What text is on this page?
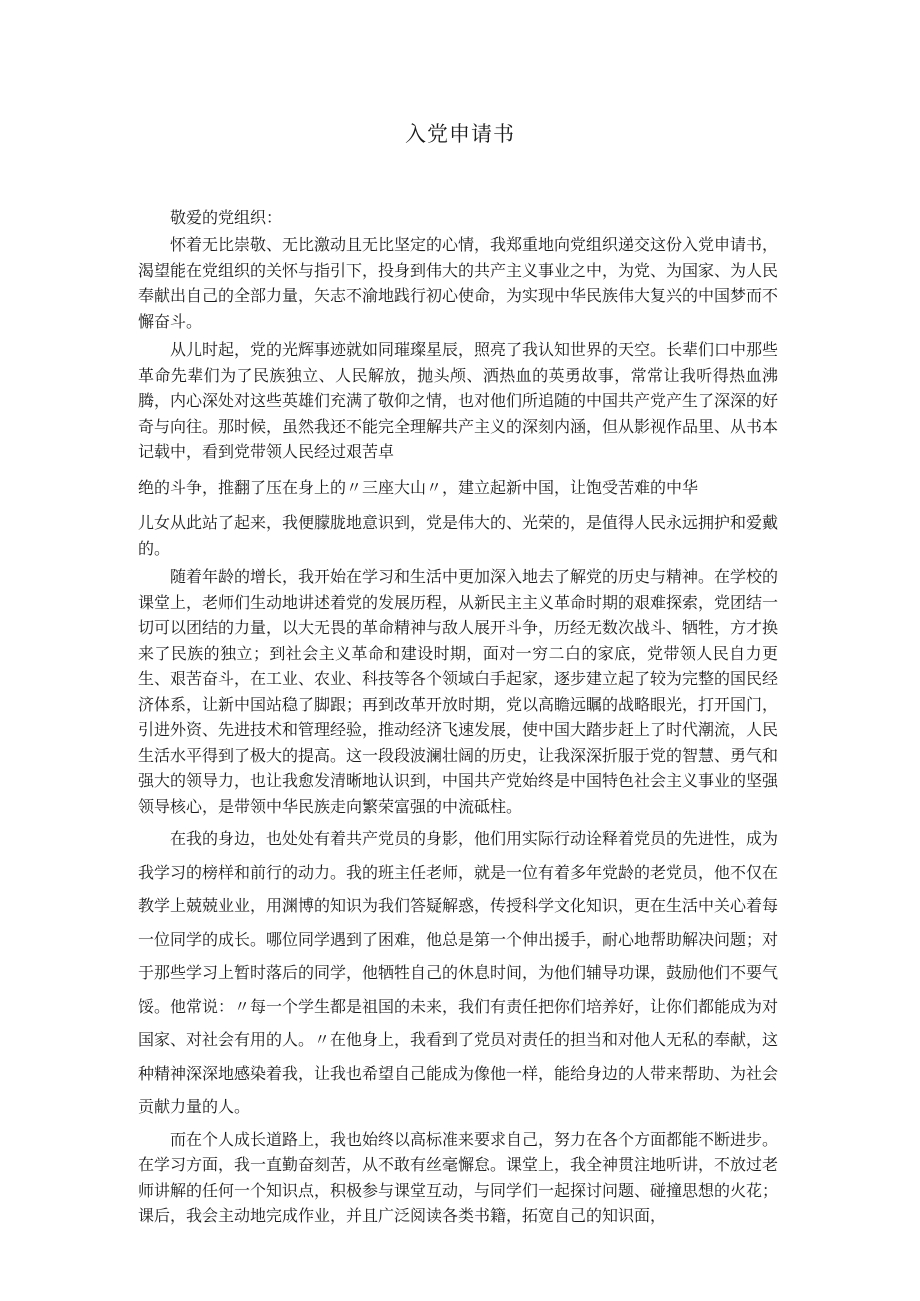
入党申请书
敬爱的党组织：

怀着无比崇敬、无比激动且无比坚定的心情，我郑重地向党组织递交这份入党申请书，渴望能在党组织的关怀与指引下，投身到伟大的共产主义事业之中，为党、为国家、为人民奉献出自己的全部力量，矢志不渝地践行初心使命，为实现中华民族伟大复兴的中国梦而不懈奋斗。

从儿时起，党的光辉事迹就如同璀璨星辰，照亮了我认知世界的天空。长辈们口中那些革命先辈们为了民族独立、人民解放，抛头颅、洒热血的英勇故事，常常让我听得热血沸腾，内心深处对这些英雄们充满了敬仰之情，也对他们所追随的中国共产党产生了深深的好奇与向往。那时候，虽然我还不能完全理解共产主义的深刻内涵，但从影视作品里、从书本记载中，看到党带领人民经过艰苦卓

绝的斗争，推翻了压在身上的〃三座大山〃，建立起新中国，让饱受苦难的中华

儿女从此站了起来，我便朦胧地意识到，党是伟大的、光荣的，是值得人民永远拥护和爱戴的。

随着年龄的增长，我开始在学习和生活中更加深入地去了解党的历史与精神。在学校的课堂上，老师们生动地讲述着党的发展历程，从新民主主义革命时期的艰难探索，党团结一切可以团结的力量，以大无畏的革命精神与敌人展开斗争，历经无数次战斗、牺牲，方才换来了民族的独立；到社会主义革命和建设时期，面对一穷二白的家底，党带领人民自力更生、艰苦奋斗，在工业、农业、科技等各个领域白手起家，逐步建立起了较为完整的国民经济体系，让新中国站稳了脚跟；再到改革开放时期，党以高瞻远瞩的战略眼光，打开国门，引进外资、先进技术和管理经验，推动经济飞速发展，使中国大踏步赶上了时代潮流，人民生活水平得到了极大的提高。这一段段波澜壮阔的历史，让我深深折服于党的智慧、勇气和强大的领导力，也让我愈发清晰地认识到，中国共产党始终是中国特色社会主义事业的坚强领导核心，是带领中华民族走向繁荣富强的中流砥柱。

在我的身边，也处处有着共产党员的身影，他们用实际行动诠释着党员的先进性，成为我学习的榜样和前行的动力。我的班主任老师，就是一位有着多年党龄的老党员，他不仅在教学上兢兢业业，用渊博的知识为我们答疑解惑，传授科学文化知识，更在生活中关心着每一位同学的成长。哪位同学遇到了困难，他总是第一个伸出援手，耐心地帮助解决问题；对于那些学习上暂时落后的同学，他牺牲自己的休息时间，为他们辅导功课，鼓励他们不要气馁。他常说：〃每一个学生都是祖国的未来，我们有责任把你们培养好，让你们都能成为对国家、对社会有用的人。〃在他身上，我看到了党员对责任的担当和对他人无私的奉献，这种精神深深地感染着我，让我也希望自己能成为像他一样，能给身边的人带来帮助、为社会贡献力量的人。

而在个人成长道路上，我也始终以高标准来要求自己，努力在各个方面都能不断进步。在学习方面，我一直勤奋刻苦，从不敢有丝毫懈怠。课堂上，我全神贯注地听讲，不放过老师讲解的任何一个知识点，积极参与课堂互动，与同学们一起探讨问题、碰撞思想的火花；课后，我会主动地完成作业，并且广泛阅读各类书籍，拓宽自己的知识面，
